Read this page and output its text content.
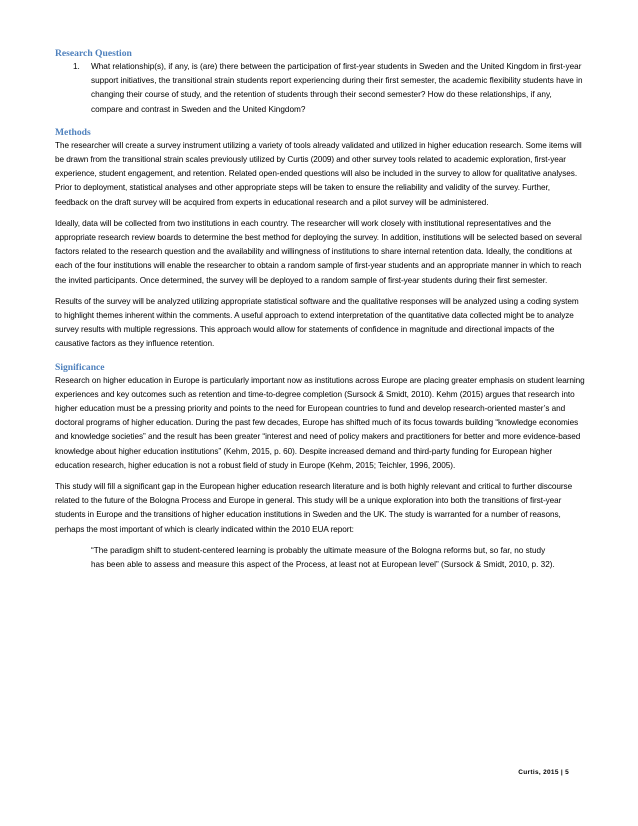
Research Question
1. What relationship(s), if any, is (are) there between the participation of first-year students in Sweden and the United Kingdom in first-year support initiatives, the transitional strain students report experiencing during their first semester, the academic flexibility students have in changing their course of study, and the retention of students through their second semester? How do these relationships, if any, compare and contrast in Sweden and the United Kingdom?
Methods
The researcher will create a survey instrument utilizing a variety of tools already validated and utilized in higher education research. Some items will be drawn from the transitional strain scales previously utilized by Curtis (2009) and other survey tools related to academic exploration, first-year experience, student engagement, and retention. Related open-ended questions will also be included in the survey to allow for qualitative analyses. Prior to deployment, statistical analyses and other appropriate steps will be taken to ensure the reliability and validity of the survey. Further, feedback on the draft survey will be acquired from experts in educational research and a pilot survey will be administered.
Ideally, data will be collected from two institutions in each country. The researcher will work closely with institutional representatives and the appropriate research review boards to determine the best method for deploying the survey. In addition, institutions will be selected based on several factors related to the research question and the availability and willingness of institutions to share internal retention data. Ideally, the conditions at each of the four institutions will enable the researcher to obtain a random sample of first-year students and an appropriate manner in which to reach the invited participants. Once determined, the survey will be deployed to a random sample of first-year students during their first semester.
Results of the survey will be analyzed utilizing appropriate statistical software and the qualitative responses will be analyzed using a coding system to highlight themes inherent within the comments. A useful approach to extend interpretation of the quantitative data collected might be to analyze survey results with multiple regressions. This approach would allow for statements of confidence in magnitude and directional impacts of the causative factors as they influence retention.
Significance
Research on higher education in Europe is particularly important now as institutions across Europe are placing greater emphasis on student learning experiences and key outcomes such as retention and time-to-degree completion (Sursock & Smidt, 2010). Kehm (2015) argues that research into higher education must be a pressing priority and points to the need for European countries to fund and develop research-oriented master’s and doctoral programs of higher education. During the past few decades, Europe has shifted much of its focus towards building “knowledge economies and knowledge societies” and the result has been greater “interest and need of policy makers and practitioners for better and more evidence-based knowledge about higher education institutions” (Kehm, 2015, p. 60). Despite increased demand and third-party funding for European higher education research, higher education is not a robust field of study in Europe (Kehm, 2015; Teichler, 1996, 2005).
This study will fill a significant gap in the European higher education research literature and is both highly relevant and critical to further discourse related to the future of the Bologna Process and Europe in general. This study will be a unique exploration into both the transitions of first-year students in Europe and the transitions of higher education institutions in Sweden and the UK. The study is warranted for a number of reasons, perhaps the most important of which is clearly indicated within the 2010 EUA report:
“The paradigm shift to student-centered learning is probably the ultimate measure of the Bologna reforms but, so far, no study has been able to assess and measure this aspect of the Process, at least not at European level” (Sursock & Smidt, 2010, p. 32).
Curtis, 2015 | 5
